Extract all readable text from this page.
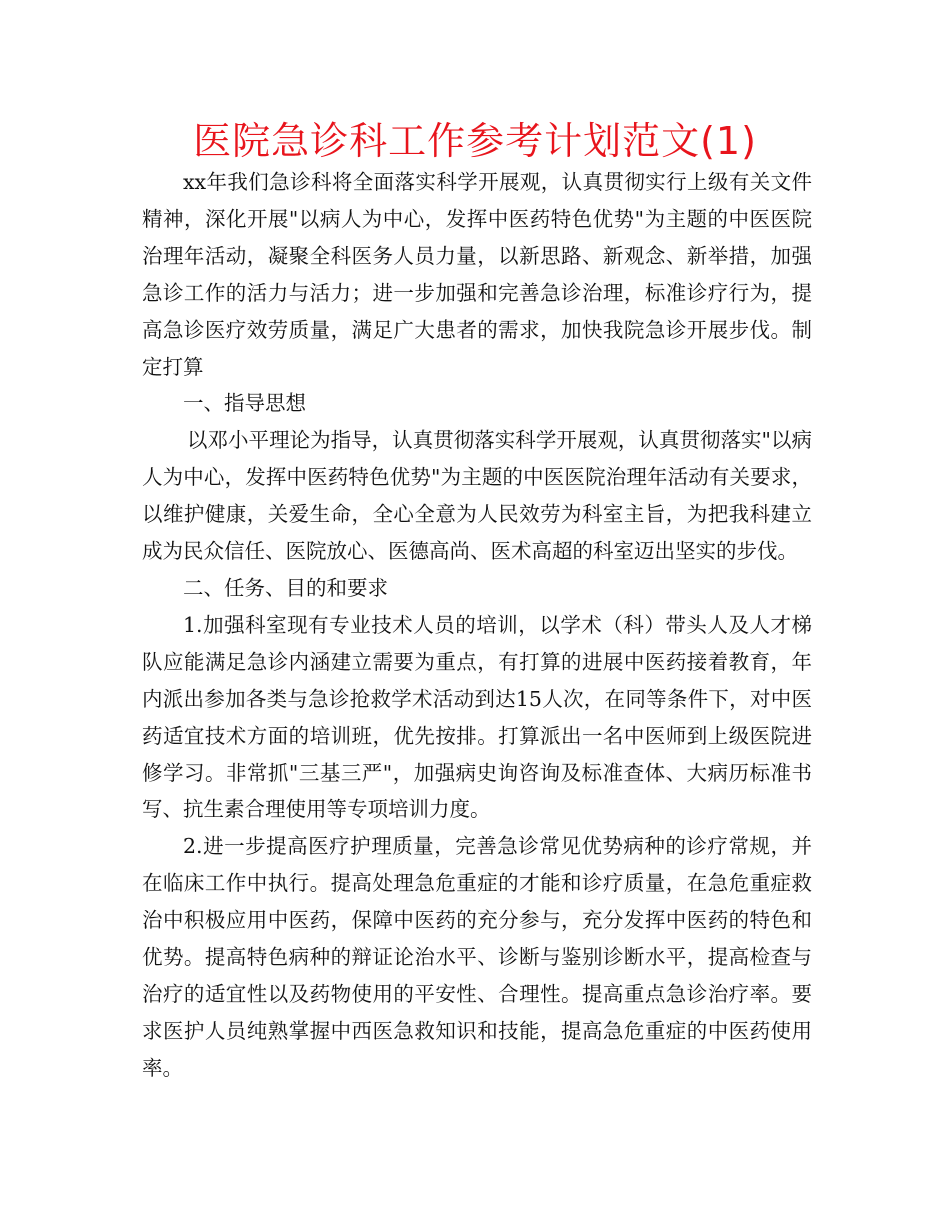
医院急诊科工作参考计划范文(1)

xx年我们急诊科将全面落实科学开展观，认真贯彻实行上级有关文件精神，深化开展"以病人为中心，发挥中医药特色优势"为主题的中医医院治理年活动，凝聚全科医务人员力量，以新思路、新观念、新举措，加强急诊工作的活力与活力；进一步加强和完善急诊治理，标准诊疗行为，提高急诊医疗效劳质量，满足广大患者的需求，加快我院急诊开展步伐。制定打算

一、指导思想

以邓小平理论为指导，认真贯彻落实科学开展观，认真贯彻落实"以病人为中心，发挥中医药特色优势"为主题的中医医院治理年活动有关要求，以维护健康，关爱生命，全心全意为人民效劳为科室主旨，为把我科建立成为民众信任、医院放心、医德高尚、医术高超的科室迈出坚实的步伐。

二、任务、目的和要求

1.加强科室现有专业技术人员的培训，以学术（科）带头人及人才梯队应能满足急诊内涵建立需要为重点，有打算的进展中医药接着教育，年内派出参加各类与急诊抢救学术活动到达15人次，在同等条件下，对中医药适宜技术方面的培训班，优先按排。打算派出一名中医师到上级医院进修学习。非常抓"三基三严"，加强病史询咨询及标准查体、大病历标准书写、抗生素合理使用等专项培训力度。

2.进一步提高医疗护理质量，完善急诊常见优势病种的诊疗常规，并在临床工作中执行。提高处理急危重症的才能和诊疗质量，在急危重症救治中积极应用中医药，保障中医药的充分参与，充分发挥中医药的特色和优势。提高特色病种的辩证论治水平、诊断与鉴别诊断水平，提高检查与治疗的适宜性以及药物使用的平安性、合理性。提高重点急诊治疗率。要求医护人员纯熟掌握中西医急救知识和技能，提高急危重症的中医药使用率。
